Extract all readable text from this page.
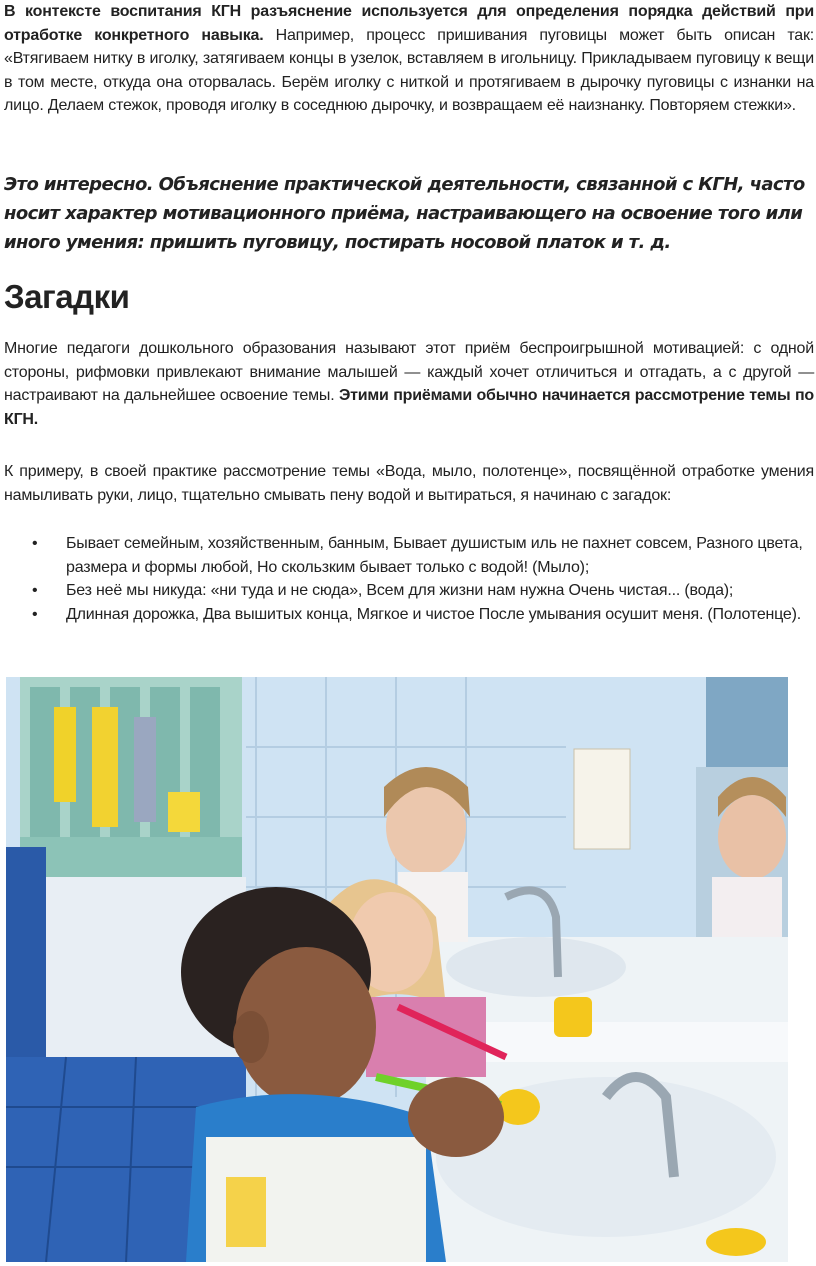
В контексте воспитания КГН разъяснение используется для определения порядка действий при отработке конкретного навыка. Например, процесс пришивания пуговицы может быть описан так: «Втягиваем нитку в иголку, затягиваем концы в узелок, вставляем в игольницу. Прикладываем пуговицу к вещи в том месте, откуда она оторвалась. Берём иголку с ниткой и протягиваем в дырочку пуговицы с изнанки на лицо. Делаем стежок, проводя иголку в соседнюю дырочку, и возвращаем её наизнанку. Повторяем стежки».

Это интересно. Объяснение практической деятельности, связанной с КГН, часто носит характер мотивационного приёма, настраивающего на освоение того или иного умения: пришить пуговицу, постирать носовой платок и т. д.

Загадки

Многие педагоги дошкольного образования называют этот приём беспроигрышной мотивацией: с одной стороны, рифмовки привлекают внимание малышей — каждый хочет отличиться и отгадать, а с другой — настраивают на дальнейшее освоение темы. Этими приёмами обычно начинается рассмотрение темы по КГН.

К примеру, в своей практике рассмотрение темы «Вода, мыло, полотенце», посвящённой отработке умения намыливать руки, лицо, тщательно смывать пену водой и вытираться, я начинаю с загадок:

• Бывает семейным, хозяйственным, банным, Бывает душистым иль не пахнет совсем, Разного цвета, размера и формы любой, Но скользким бывает только с водой! (Мыло);
• Без неё мы никуда: «ни туда и не сюда», Всем для жизни нам нужна Очень чистая... (вода);
• Длинная дорожка, Два вышитых конца, Мягкое и чистое После умывания осушит меня. (Полотенце).
